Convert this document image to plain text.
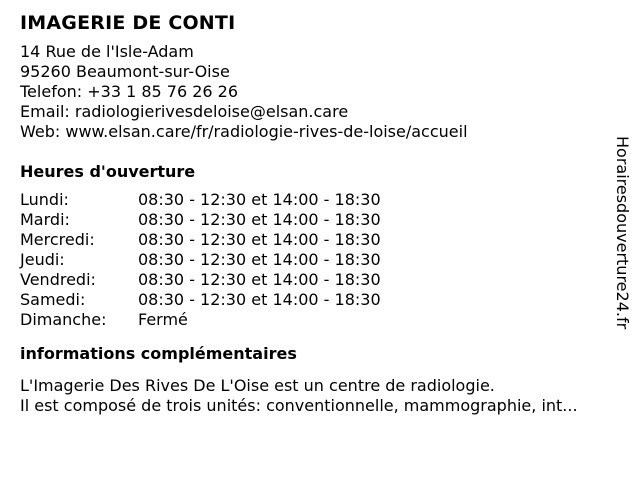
IMAGERIE DE CONTI
14 Rue de l'Isle-Adam
95260 Beaumont-sur-Oise
Telefon: +33 1 85 76 26 26
Email: radiologierivesdeloise@elsan.care
Web: www.elsan.care/fr/radiologie-rives-de-loise/accueil
Heures d'ouverture
Lundi:	08:30 - 12:30 et 14:00 - 18:30
Mardi:	08:30 - 12:30 et 14:00 - 18:30
Mercredi:	08:30 - 12:30 et 14:00 - 18:30
Jeudi:	08:30 - 12:30 et 14:00 - 18:30
Vendredi:	08:30 - 12:30 et 14:00 - 18:30
Samedi:	08:30 - 12:30 et 14:00 - 18:30
Dimanche:	Fermé
informations complémentaires
L'Imagerie Des Rives De L'Oise est un centre de radiologie.
Il est composé de trois unités: conventionnelle, mammographie, int...
Horairesdouverture24.fr
